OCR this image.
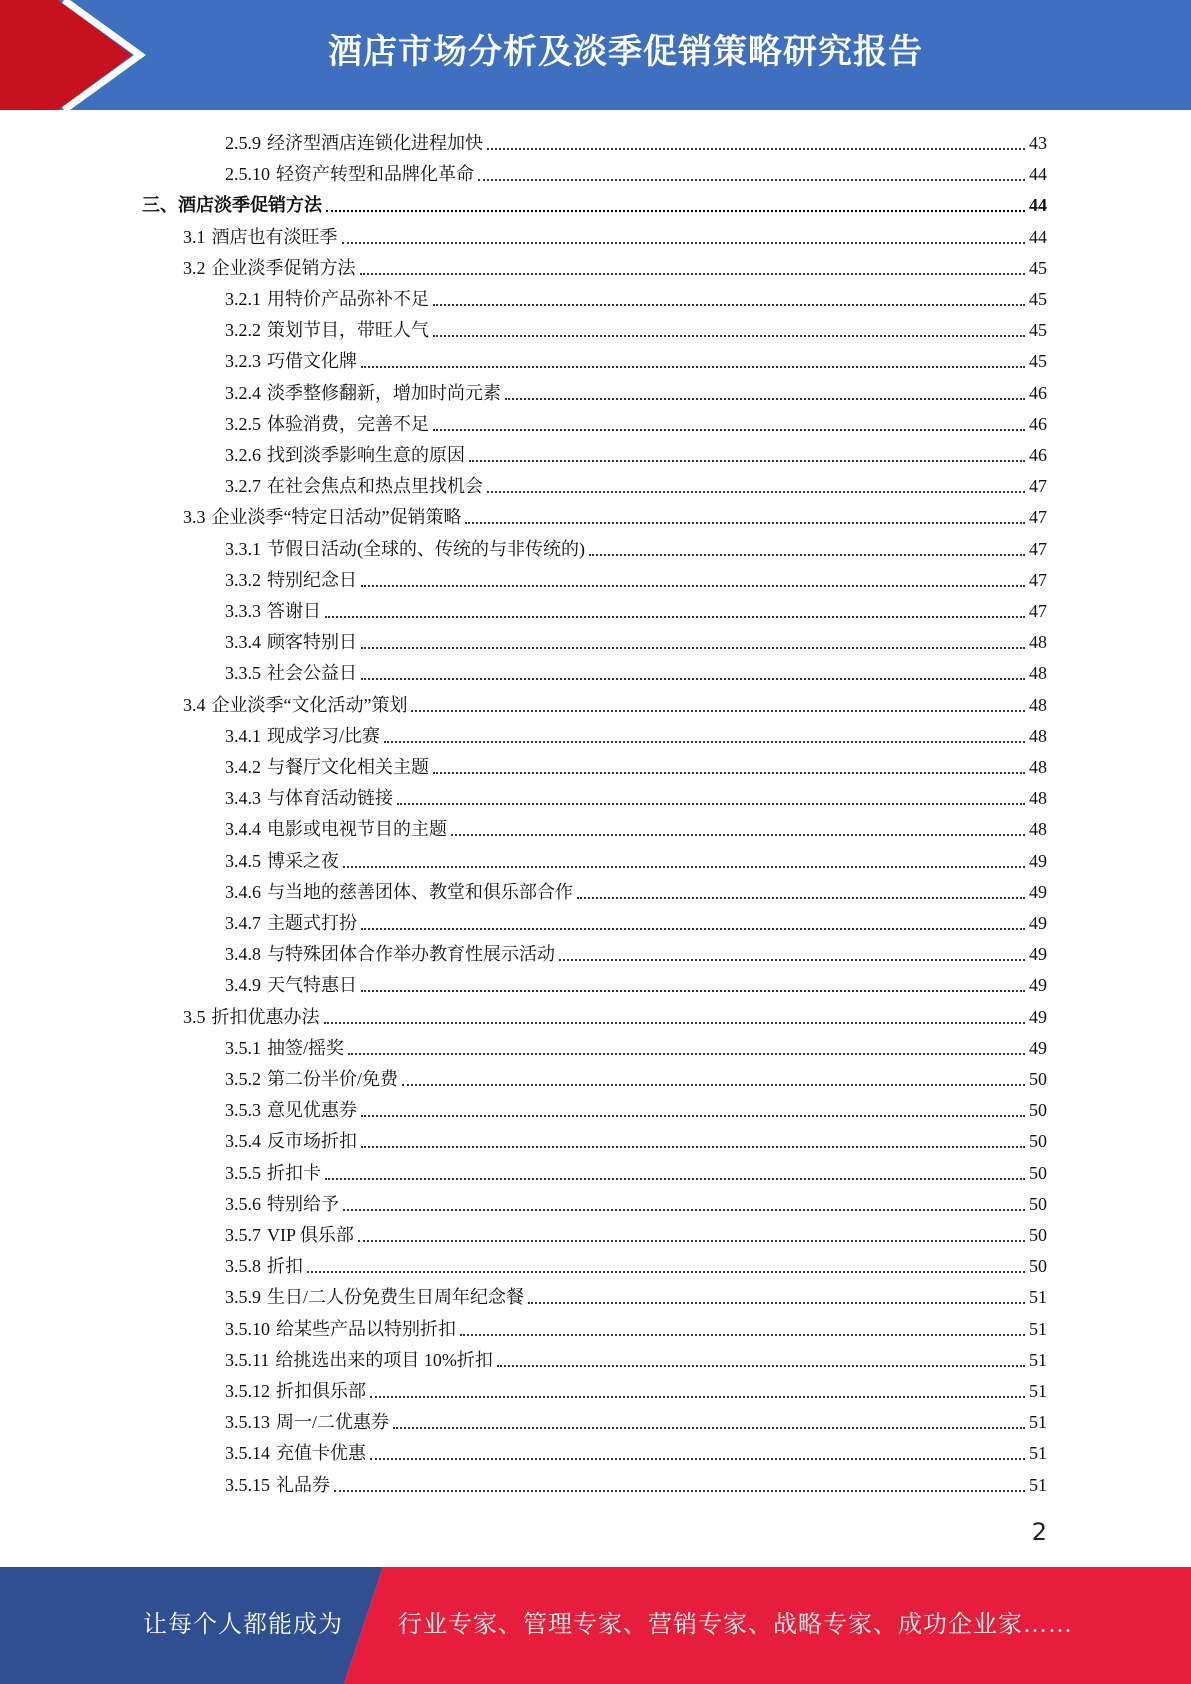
酒店市场分析及淡季促销策略研究报告
2.5.9 经济型酒店连锁化进程加快	43
2.5.10 轻资产转型和品牌化革命	44
三、酒店淡季促销方法	44
3.1 酒店也有淡旺季	44
3.2 企业淡季促销方法	45
3.2.1 用特价产品弥补不足	45
3.2.2 策划节目，带旺人气	45
3.2.3 巧借文化牌	45
3.2.4 淡季整修翻新，增加时尚元素	46
3.2.5 体验消费，完善不足	46
3.2.6 找到淡季影响生意的原因	46
3.2.7 在社会焦点和热点里找机会	47
3.3 企业淡季“特定日活动”促销策略	47
3.3.1 节假日活动(全球的、传统的与非传统的)	47
3.3.2 特别纪念日	47
3.3.3 答谢日	47
3.3.4 顾客特别日	48
3.3.5 社会公益日	48
3.4 企业淡季“文化活动”策划	48
3.4.1 现成学习/比赛	48
3.4.2 与餐厅文化相关主题	48
3.4.3 与体育活动链接	48
3.4.4 电影或电视节目的主题	48
3.4.5 博采之夜	49
3.4.6 与当地的慈善团体、教堂和俱乐部合作	49
3.4.7 主题式打扮	49
3.4.8 与特殊团体合作举办教育性展示活动	49
3.4.9 天气特惠日	49
3.5 折扣优惠办法	49
3.5.1 抽签/摇奖	49
3.5.2 第二份半价/免费	50
3.5.3 意见优惠券	50
3.5.4 反市场折扣	50
3.5.5 折扣卡	50
3.5.6 特别给予	50
3.5.7 VIP 俱乐部	50
3.5.8 折扣	50
3.5.9 生日/二人份免费生日周年纪念餐	51
3.5.10 给某些产品以特别折扣	51
3.5.11 给挑选出来的项目 10%折扣	51
3.5.12 折扣俱乐部	51
3.5.13 周一/二优惠券	51
3.5.14 充值卡优惠	51
3.5.15 礼品券	51
2
让每个人都能成为 行业专家、管理专家、营销专家、战略专家、成功企业家……
